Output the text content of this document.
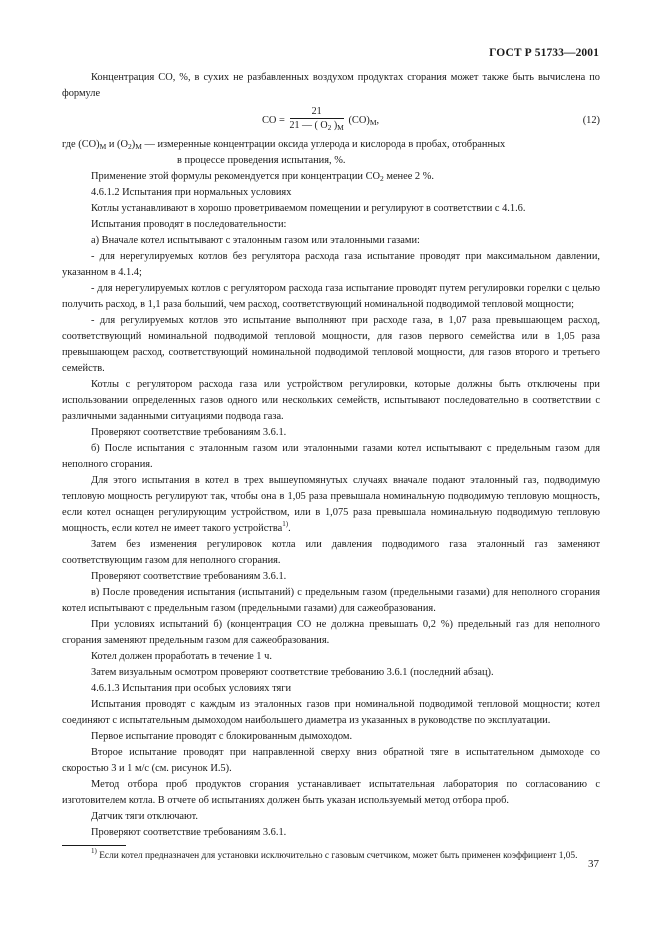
ГОСТ Р 51733—2001

Концентрация СО, %, в сухих не разбавленных воздухом продуктах сгорания может также быть вычислена по формуле

CO = $\frac{21}{21 — ( O_2 )_M} (CO)_M$,	(12)

где $(CO)_M$ и $(O_2)_M$ — измеренные концентрации оксида углерода и кислорода в пробах, отобранных

в процессе проведения испытания, %.

Применение этой формулы рекомендуется при концентрации $CO_2$ менее 2 %.

4.6.1.2 Испытания при нормальных условиях

Котлы устанавливают в хорошо проветриваемом помещении и регулируют в соответствии с 4.1.6.

Испытания проводят в последовательности:

а) Вначале котел испытывают с эталонным газом или эталонными газами:

- для нерегулируемых котлов без регулятора расхода газа испытание проводят при максимальном давлении, указанном в 4.1.4;

- для нерегулируемых котлов с регулятором расхода газа испытание проводят путем регулировки горелки с целью получить расход, в 1,1 раза больший, чем расход, соответствующий номинальной подводимой тепловой мощности;

- для регулируемых котлов это испытание выполняют при расходе газа, в 1,07 раза превышающем расход, соответствующий номинальной подводимой тепловой мощности, для газов первого семейства или в 1,05 раза превышающем расход, соответствующий номинальной подводимой тепловой мощности, для газов второго и третьего семейств.

Котлы с регулятором расхода газа или устройством регулировки, которые должны быть отключены при использовании определенных газов одного или нескольких семейств, испытывают последовательно в соответствии с различными заданными ситуациями подвода газа.

Проверяют соответствие требованиям 3.6.1.

б) После испытания с эталонным газом или эталонными газами котел испытывают с предельным газом для неполного сгорания.

Для этого испытания в котел в трех вышеупомянутых случаях вначале подают эталонный газ, подводимую тепловую мощность регулируют так, чтобы она в 1,05 раза превышала номинальную подводимую тепловую мощность, если котел оснащен регулирующим устройством, или в 1,075 раза превышала номинальную подводимую тепловую мощность, если котел не имеет такого устройства$^{1)}$.

Затем без изменения регулировок котла или давления подводимого газа эталонный газ заменяют соответствующим газом для неполного сгорания.

Проверяют соответствие требованиям 3.6.1.

в) После проведения испытания (испытаний) с предельным газом (предельными газами) для неполного сгорания котел испытывают с предельным газом (предельными газами) для сажеобразования.

При условиях испытаний б) (концентрация CO не должна превышать 0,2 %) предельный газ для неполного сгорания заменяют предельным газом для сажеобразования.

Котел должен проработать в течение 1 ч.

Затем визуальным осмотром проверяют соответствие требованию 3.6.1 (последний абзац).

4.6.1.3 Испытания при особых условиях тяги

Испытания проводят с каждым из эталонных газов при номинальной подводимой тепловой мощности; котел соединяют с испытательным дымоходом наибольшего диаметра из указанных в руководстве по эксплуатации.

Первое испытание проводят с блокированным дымоходом.

Второе испытание проводят при направленной сверху вниз обратной тяге в испытательном дымоходе со скоростью 3 и 1 м/с (см. рисунок И.5).

Метод отбора проб продуктов сгорания устанавливает испытательная лаборатория по согласованию с изготовителем котла. В отчете об испытаниях должен быть указан используемый метод отбора проб.

Датчик тяги отключают.

Проверяют соответствие требованиям 3.6.1.

$^{1)}$ Если котел предназначен для установки исключительно с газовым счетчиком, может быть применен коэффициент 1,05.

37
